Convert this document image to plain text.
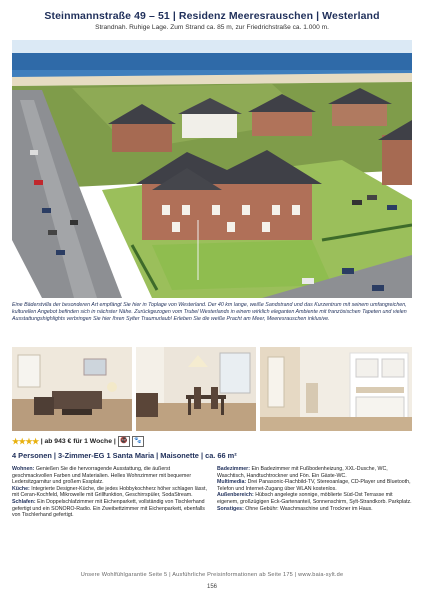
Steinmannstraße 49 – 51 | Residenz Meeresrauschen | Westerland
Strandnah. Ruhige Lage. Zum Strand ca. 85 m, zur Friedrichstraße ca. 1.000 m.
Eine Bäderstvilla der besonderen Art empfängt Sie hier in Toplage von Westerland. Der 40 km lange, weiße Sandstrand und das Kurzentrum mit seinem umfangreichen, kulturellen Angebot befinden sich in nächster Nähe. Zurückgezogen vom Trubel Westerlands in einem wirklich eleganten Ambiente mit französischen Tapeten und vielen Ausstattungshighlights verbringen Sie hier Ihren Sylter Traumurlaub! Erleben Sie die weiße Pracht am Meer, Meeresrauschen inklusive.
★★★★ | ab 943 € für 1 Woche | 🚭	🐾
4 Personen | 3-Zimmer-EG 1 Santa Maria | Maisonette | ca. 66 m²

Wohnen: Genießen Sie die hervorragende Ausstattung, die äußerst geschmackvollen Farben und Materialien. Helles Wohnzimmer mit bequemer Ledersitzgarnitur und großem Essplatz.

Küche: Integrierte Designer-Küche, die jedes Hobbykochherz höher schlagen lässt, mit Ceran-Kochfeld, Mikrowelle mit Grillfunktion, Geschirrspüler, SodaStream.

Schlafen: Ein Doppelschlafzimmer mit Eichenparkett, vollständig von Tischlerhand gefertigt und ein SONORO-Radio. Ein Zweibettzimmer mit Eichenparkett, ebenfalls von Tischlerhand gefertigt.

Badezimmer: Ein Badezimmer mit Fußbodenheizung, XXL-Dusche, WC, Waschtisch, Handtuchtrockner und Fön. Ein Gäste-WC.

Multimedia: Drei Panasonic-Flachbild-TV, Stereoanlage, CD-Player und Bluetooth, Telefon und Internet-Zugang über WLAN kostenlos.

Außenbereich: Hübsch angelegte sonnige, möblierte Süd-Ost Terrasse mit eigenem, großzügigen Eck-Gartenanteil, Sonnenschirm, Sylt-Strandkorb. Parkplatz.

Sonstiges: Ohne Gebühr: Waschmaschine und Trockner im Haus.

Unsere Wohlfühlgarantie Seite 5 | Ausführliche Preisinformationen ab Seite 175 | www.baia-sylt.de
156
